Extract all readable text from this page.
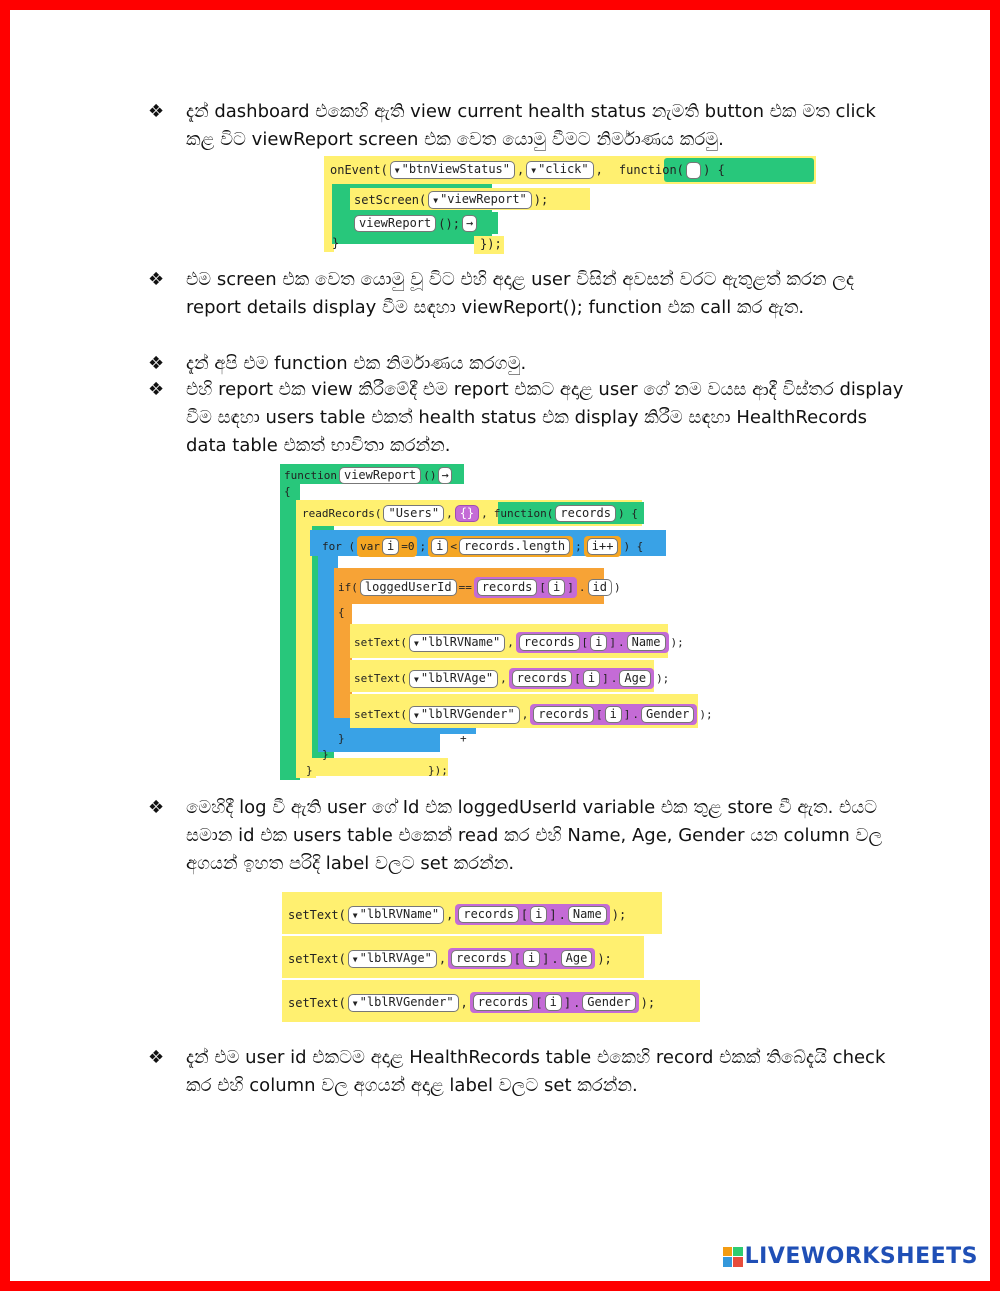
❖	දැන් dashboard එකෙහි ඇති view current health status නැමති button එක මත click කළ විට viewReport screen එක වෙත යොමු වීමට නිර්මාණය කරමු.
onEvent( ▼ "btnViewStatus" , ▼ "click" , function(
) {
setScreen( ▼ "viewReport" );
viewReport (); →
}	});
❖	එම screen එක වෙත යොමු වූ විට එහි අදාළ user විසින් අවසන් වරට ඇතුළත් කරන ලද report details display වීම සඳහා viewReport(); function එක call කර ඇත.
❖	දැන් අපි එම function එක නිර්මාණය කරගමු.
❖	එහි report එක view කිරීමේදී එම report එකට අදාළ user ගේ නම වයස ආදී විස්තර display වීම සඳහා users table එකත් health status එක display කිරීම සඳහා HealthRecords data table එකත් භාවිතා කරන්න.
function viewReport () →
{
readRecords( "Users" , {} , function( records ) {
for ( var i =0 ; i < records.length ; i++ ) {
if( loggedUserId == records [ i ] . id )
{
setText( ▼ "lblRVName" , records [ i ] . Name );
setText( ▼ "lblRVAge" , records [ i ] . Age );
setText( ▼ "lblRVGender" , records [ i ] . Gender );
}	+
}
}	});
❖	මෙහිදී log වී ඇති user ගේ Id එක loggedUserId variable එක තුළ store වී ඇත. එයට සමාන id එක users table එකෙන් read කර එහි Name, Age, Gender යන column වල අගයන් ඉහත පරිදි label වලට set කරන්න.
setText( ▼ "lblRVName" , records [ i ] . Name );
setText( ▼ "lblRVAge" , records [ i ] . Age );
setText( ▼ "lblRVGender" , records [ i ] . Gender );
❖	දැන් එම user id එකටම අදාළ HealthRecords table එකෙහි record එකක් තිබේදැයි check කර එහි column වල අගයන් අදාළ label වලට set කරන්න.
LIVEWORKSHEETS
